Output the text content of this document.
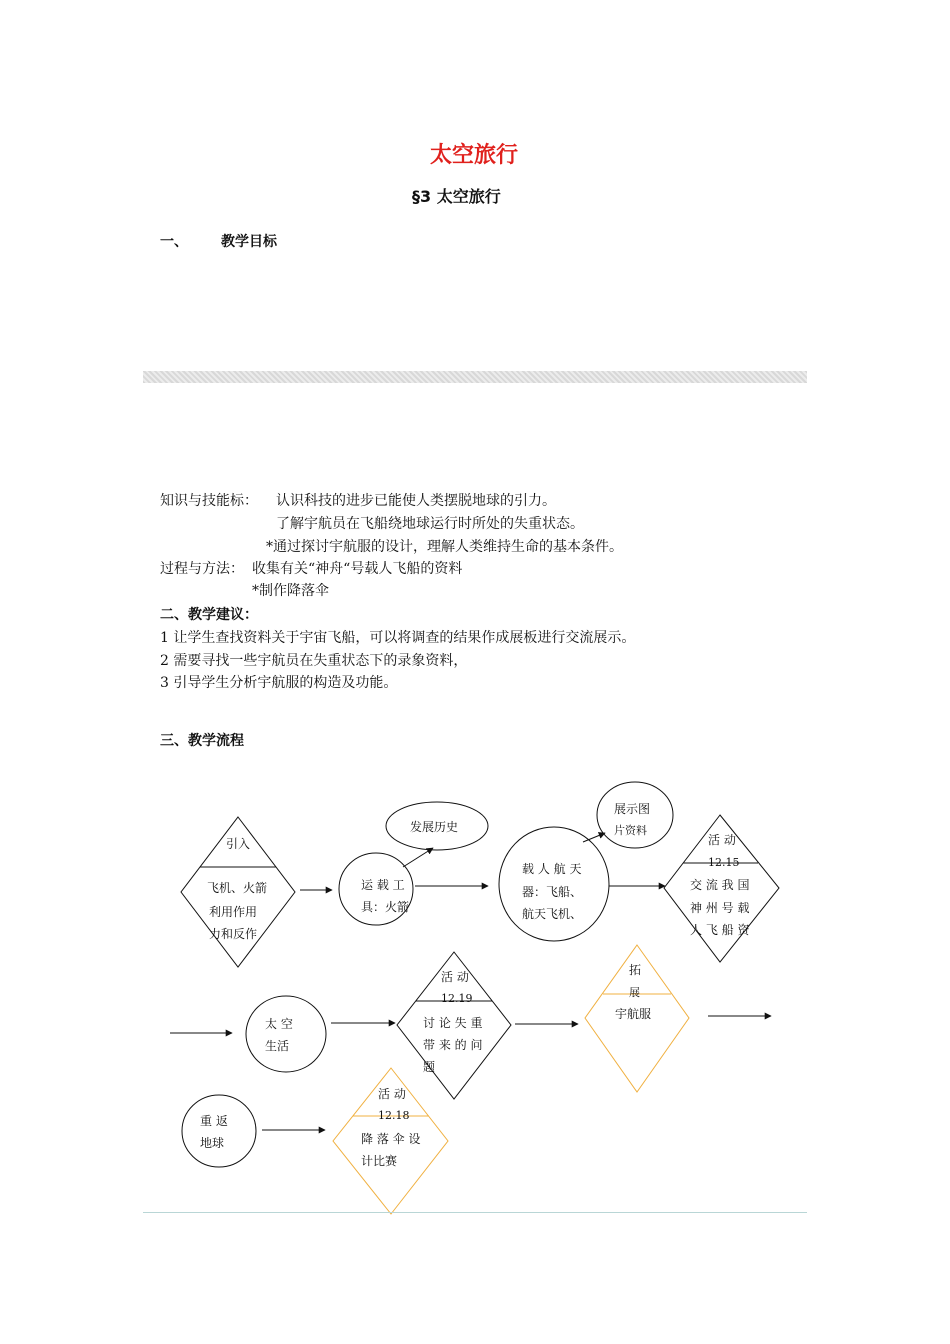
太空旅行
§3 太空旅行
一、 教学目标
知识与技能标： 认识科技的进步已能使人类摆脱地球的引力。
了解宇航员在飞船绕地球运行时所处的失重状态。
*通过探讨宇航服的设计，理解人类维持生命的基本条件。
过程与方法： 收集有关“神舟“号载人飞船的资料
*制作降落伞
二、教学建议：
1 让学生查找资料关于宇宙飞船，可以将调查的结果作成展板进行交流展示。
2 需要寻找一些宇航员在失重状态下的录象资料，
3 引导学生分析宇航服的构造及功能。
三、教学流程
引入
飞机、火箭
利用作用
力和反作
运 载 工
具：火箭
发展历史
载 人 航 天
器：飞船、
航天飞机、
展示图
片资料
活 动
12.15
交 流 我 国
神 州 号 载
人 飞 船 资
太 空
生活
活 动
12.19
讨 论 失 重
带 来 的 问
题
拓
展
宇航服
重 返
地球
活 动
12.18
降 落 伞 设
计比赛
